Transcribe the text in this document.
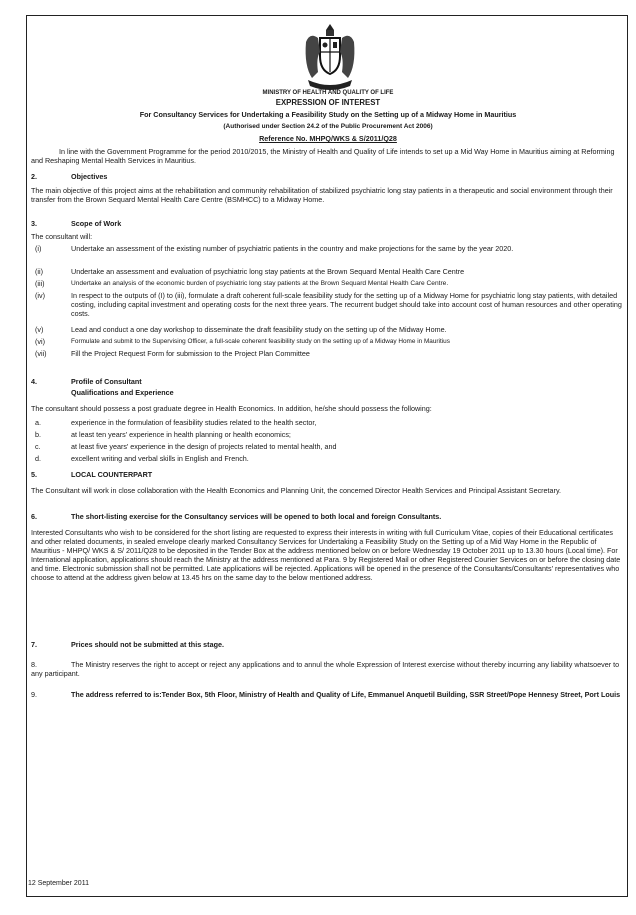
MINISTRY OF HEALTH AND QUALITY OF LIFE
EXPRESSION OF INTEREST
For Consultancy Services for Undertaking a Feasibility Study on the Setting up of a Midway Home in Mauritius
(Authorised under Section 24.2 of the Public Procurement Act 2006)
Reference No. MHPQ/WKS & S/2011/Q28
In line with the Government Programme for the period 2010/2015, the Ministry of Health and Quality of Life intends to set up a Mid Way Home in Mauritius aiming at Reforming and Reshaping Mental Health Services in Mauritius.
2.	Objectives
The main objective of this project aims at the rehabilitation and community rehabilitation of stabilized psychiatric long stay patients in a therapeutic and social environment through their transfer from the Brown Sequard Mental Health Care Centre (BSMHCC) to a Midway Home.
3.	Scope of Work
The consultant will:
(i)	Undertake an assessment of the existing number of psychiatric patients in the country and make projections for the same by the year 2020.
(ii)	Undertake an assessment and evaluation of psychiatric long stay patients at the Brown Sequard Mental Health Care Centre
(iii)	Undertake an analysis of the economic burden of psychiatric long stay patients at the Brown Sequard Mental Health Care Centre.
(iv)	In respect to the outputs of (I) to (iii), formulate a draft coherent full-scale feasibility study for the setting up of a Midway Home for psychiatric long stay patients, with detailed costing, including capital investment and operating costs for the next three years. The recurrent budget should take into account cost of human resources and other operating costs.
(v)	Lead and conduct a one day workshop to disseminate the draft feasibility study on the setting up of the Midway Home.
(vi)	Formulate and submit to the Supervising Officer, a full-scale coherent feasibility study on the setting up of a Midway Home in Mauritius
(vii)	Fill the Project Request Form for submission to the Project Plan Committee
4.	Profile of Consultant
Qualifications and Experience
The consultant should possess a post graduate degree in Health Economics. In addition, he/she should possess the following:
a.	experience in the formulation of feasibility studies related to the health sector,
b.	at least ten years' experience in health planning or health economics;
c.	at least five years' experience in the design of projects related to mental health, and
d.	excellent writing and verbal skills in English and French.
5.	LOCAL COUNTERPART
The Consultant will work in close collaboration with the Health Economics and Planning Unit, the concerned Director Health Services and Principal Assistant Secretary.
6.	The short-listing exercise for the Consultancy services will be opened to both local and foreign Consultants.
Interested Consultants who wish to be considered for the short listing are requested to express their interests in writing with full Curriculum Vitae, copies of their Educational certificates and other related documents, in sealed envelope clearly marked Consultancy Services for Undertaking a Feasibility Study on the Setting up of a Mid Way Home in the Republic of Mauritius - MHPQ/ WKS & S/ 2011/Q28 to be deposited in the Tender Box at the address mentioned below on or before Wednesday 19 October 2011 up to 13.30 hours (Local time). For International application, applications should reach the Ministry at the address mentioned at Para. 9 by Registered Mail or other Registered Courier Services on or before the closing date and time. Electronic submission shall not be permitted. Late applications will be rejected. Applications will be opened in the presence of the Consultants/Consultants' representatives who choose to attend at the address given below at 13.45 hrs on the same day to the below mentioned address.
7.	Prices should not be submitted at this stage.
8.	The Ministry reserves the right to accept or reject any applications and to annul the whole Expression of Interest exercise without thereby incurring any liability whatsoever to any participant.
9.	The address referred to is:Tender Box, 5th Floor, Ministry of Health and Quality of Life, Emmanuel Anquetil Building, SSR Street/Pope Hennesy Street, Port Louis
12 September 2011
